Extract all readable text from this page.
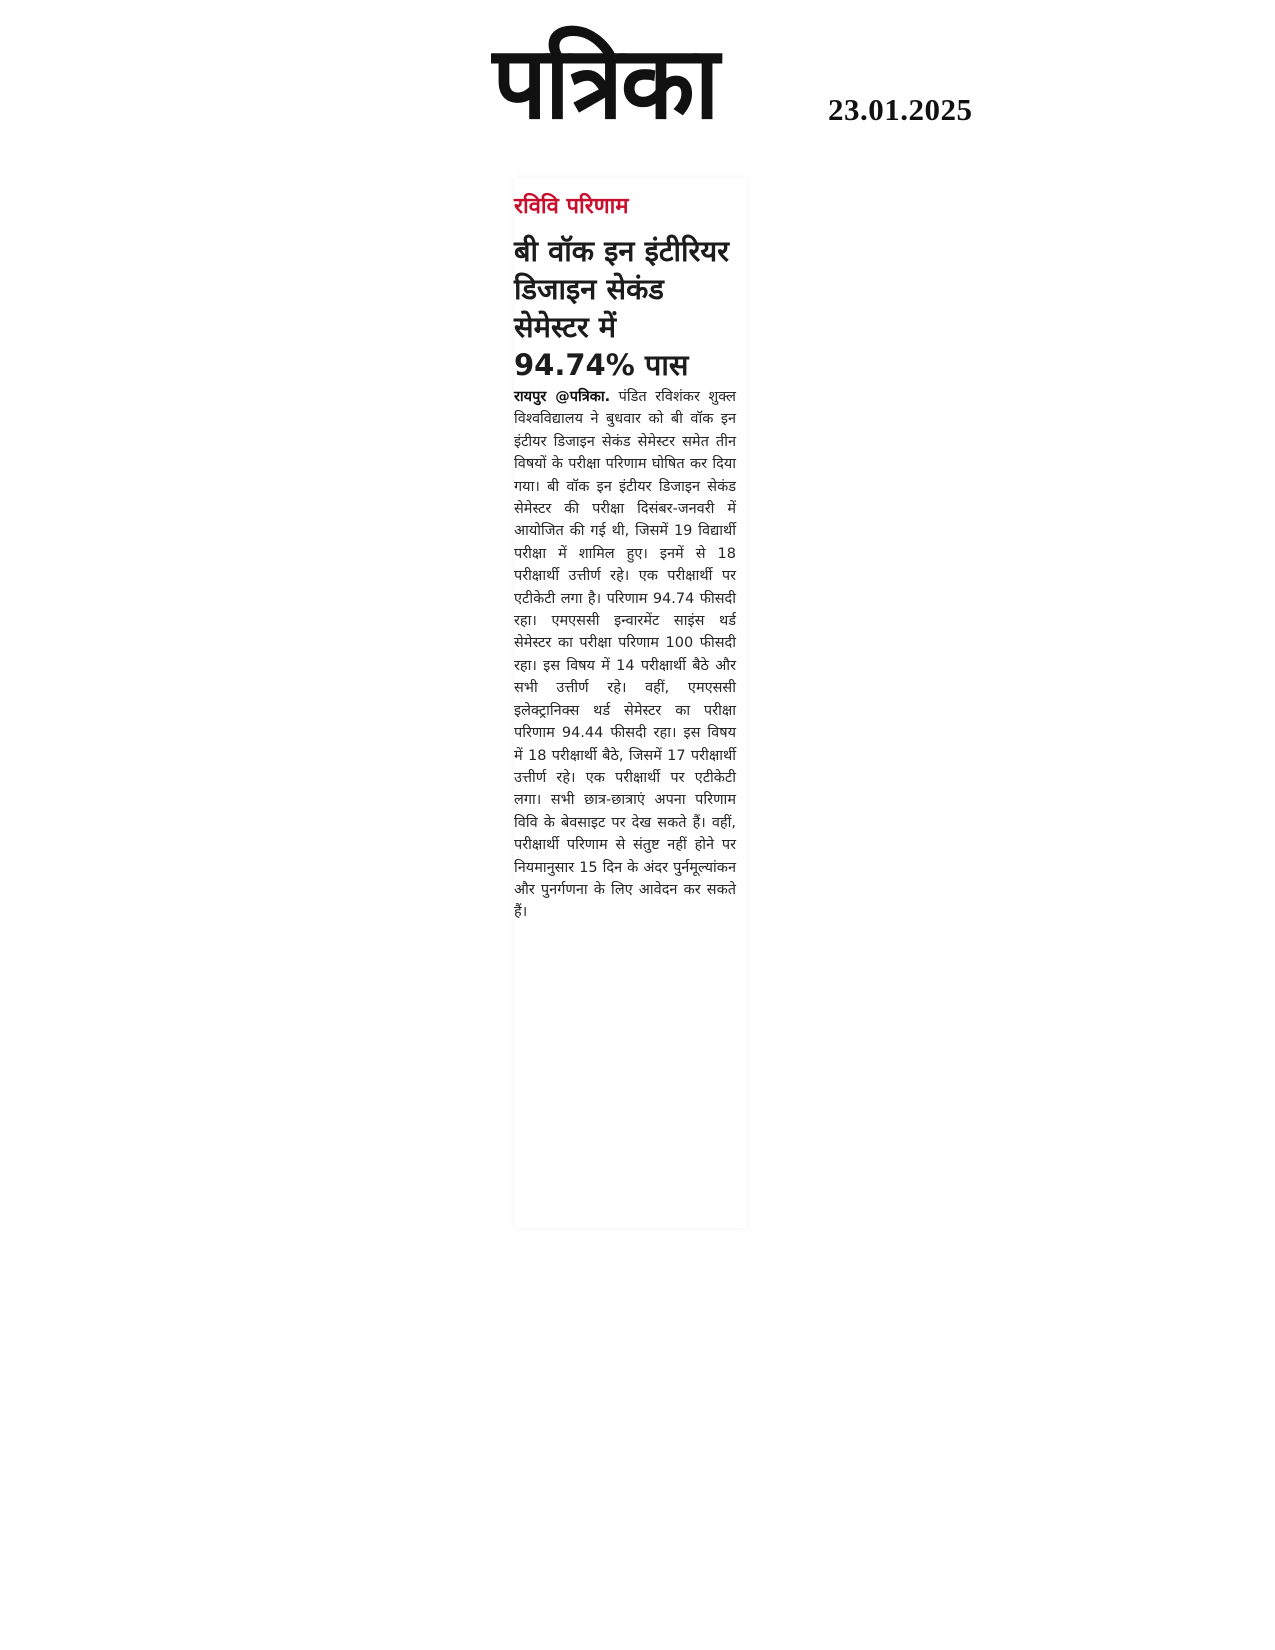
पत्रिका	23.01.2025
रविवि परिणाम
बी वॉक इन इंटीरियर डिजाइन सेकंड सेमेस्टर में 94.74% पास

रायपुर @पत्रिका. पंडित रविशंकर शुक्ल विश्वविद्यालय ने बुधवार को बी वॉक इन इंटीयर डिजाइन सेकंड सेमेस्टर समेत तीन विषयों के परीक्षा परिणाम घोषित कर दिया गया। बी वॉक इन इंटीयर डिजाइन सेकंड सेमेस्टर की परीक्षा दिसंबर-जनवरी में आयोजित की गई थी, जिसमें 19 विद्यार्थी परीक्षा में शामिल हुए। इनमें से 18 परीक्षार्थी उत्तीर्ण रहे। एक परीक्षार्थी पर एटीकेटी लगा है। परिणाम 94.74 फीसदी रहा। एमएससी इन्वारमेंट साइंस थर्ड सेमेस्टर का परीक्षा परिणाम 100 फीसदी रहा। इस विषय में 14 परीक्षार्थी बैठे और सभी उत्तीर्ण रहे। वहीं, एमएससी इलेक्ट्रानिक्स थर्ड सेमेस्टर का परीक्षा परिणाम 94.44 फीसदी रहा। इस विषय में 18 परीक्षार्थी बैठे, जिसमें 17 परीक्षार्थी उत्तीर्ण रहे। एक परीक्षार्थी पर एटीकेटी लगा। सभी छात्र-छात्राएं अपना परिणाम विवि के बेवसाइट पर देख सकते हैं। वहीं, परीक्षार्थी परिणाम से संतुष्ट नहीं होने पर नियमानुसार 15 दिन के अंदर पुर्नमूल्यांकन और पुनर्गणना के लिए आवेदन कर सकते हैं।
